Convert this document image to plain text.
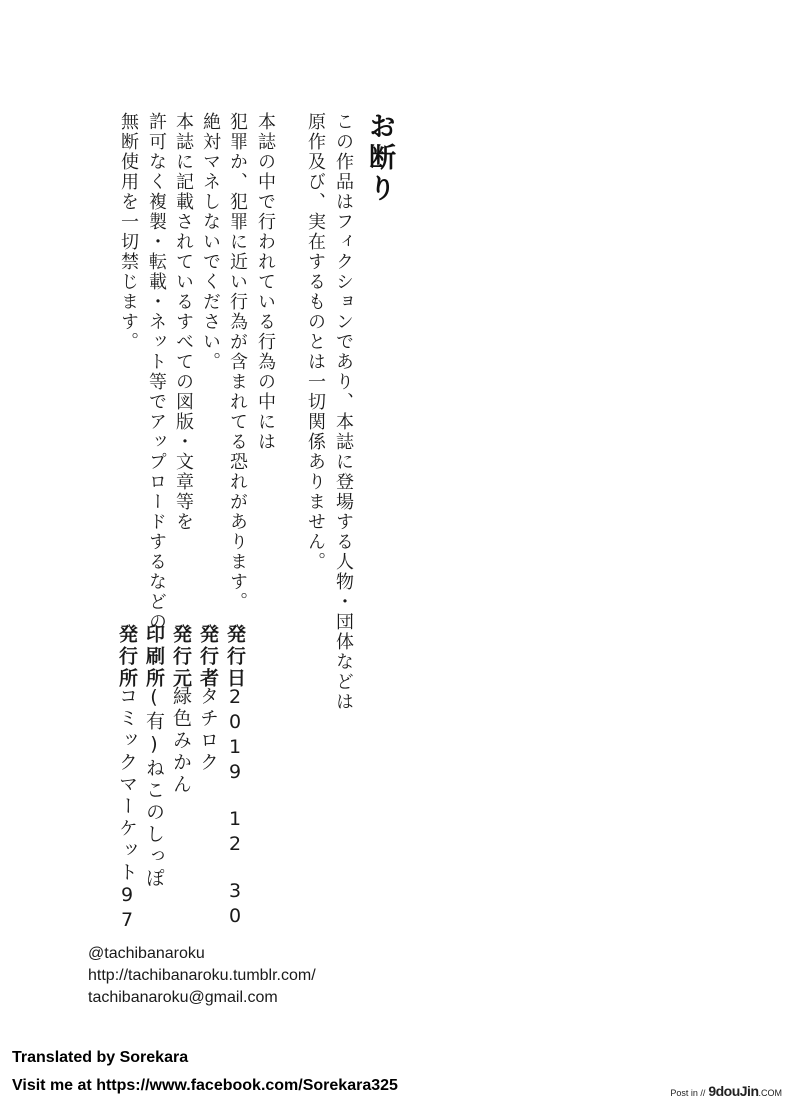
お断り
この作品はフィクションであり、本誌に登場する人物・団体などは
原作及び、実在するものとは一切関係ありません。
本誌の中で行われている行為の中には
犯罪か、犯罪に近い行為が含まれてる恐れがあります。
絶対マネしないでください。
本誌に記載されているすべての図版・文章等を
許可なく複製・転載・ネット等でアップロードするなどの
無断使用を一切禁じます。
発行日
2019　12　30
発行者
タチロク
発行元
緑色みかん
印刷所
(有)ねこのしっぽ
発行所
コミックマーケット97
@tachibanaroku
http://tachibanaroku.tumblr.com/
tachibanaroku@gmail.com
Translated by Sorekara
Visit me at https://www.facebook.com/Sorekara325	Post in // 9douJin.COM
